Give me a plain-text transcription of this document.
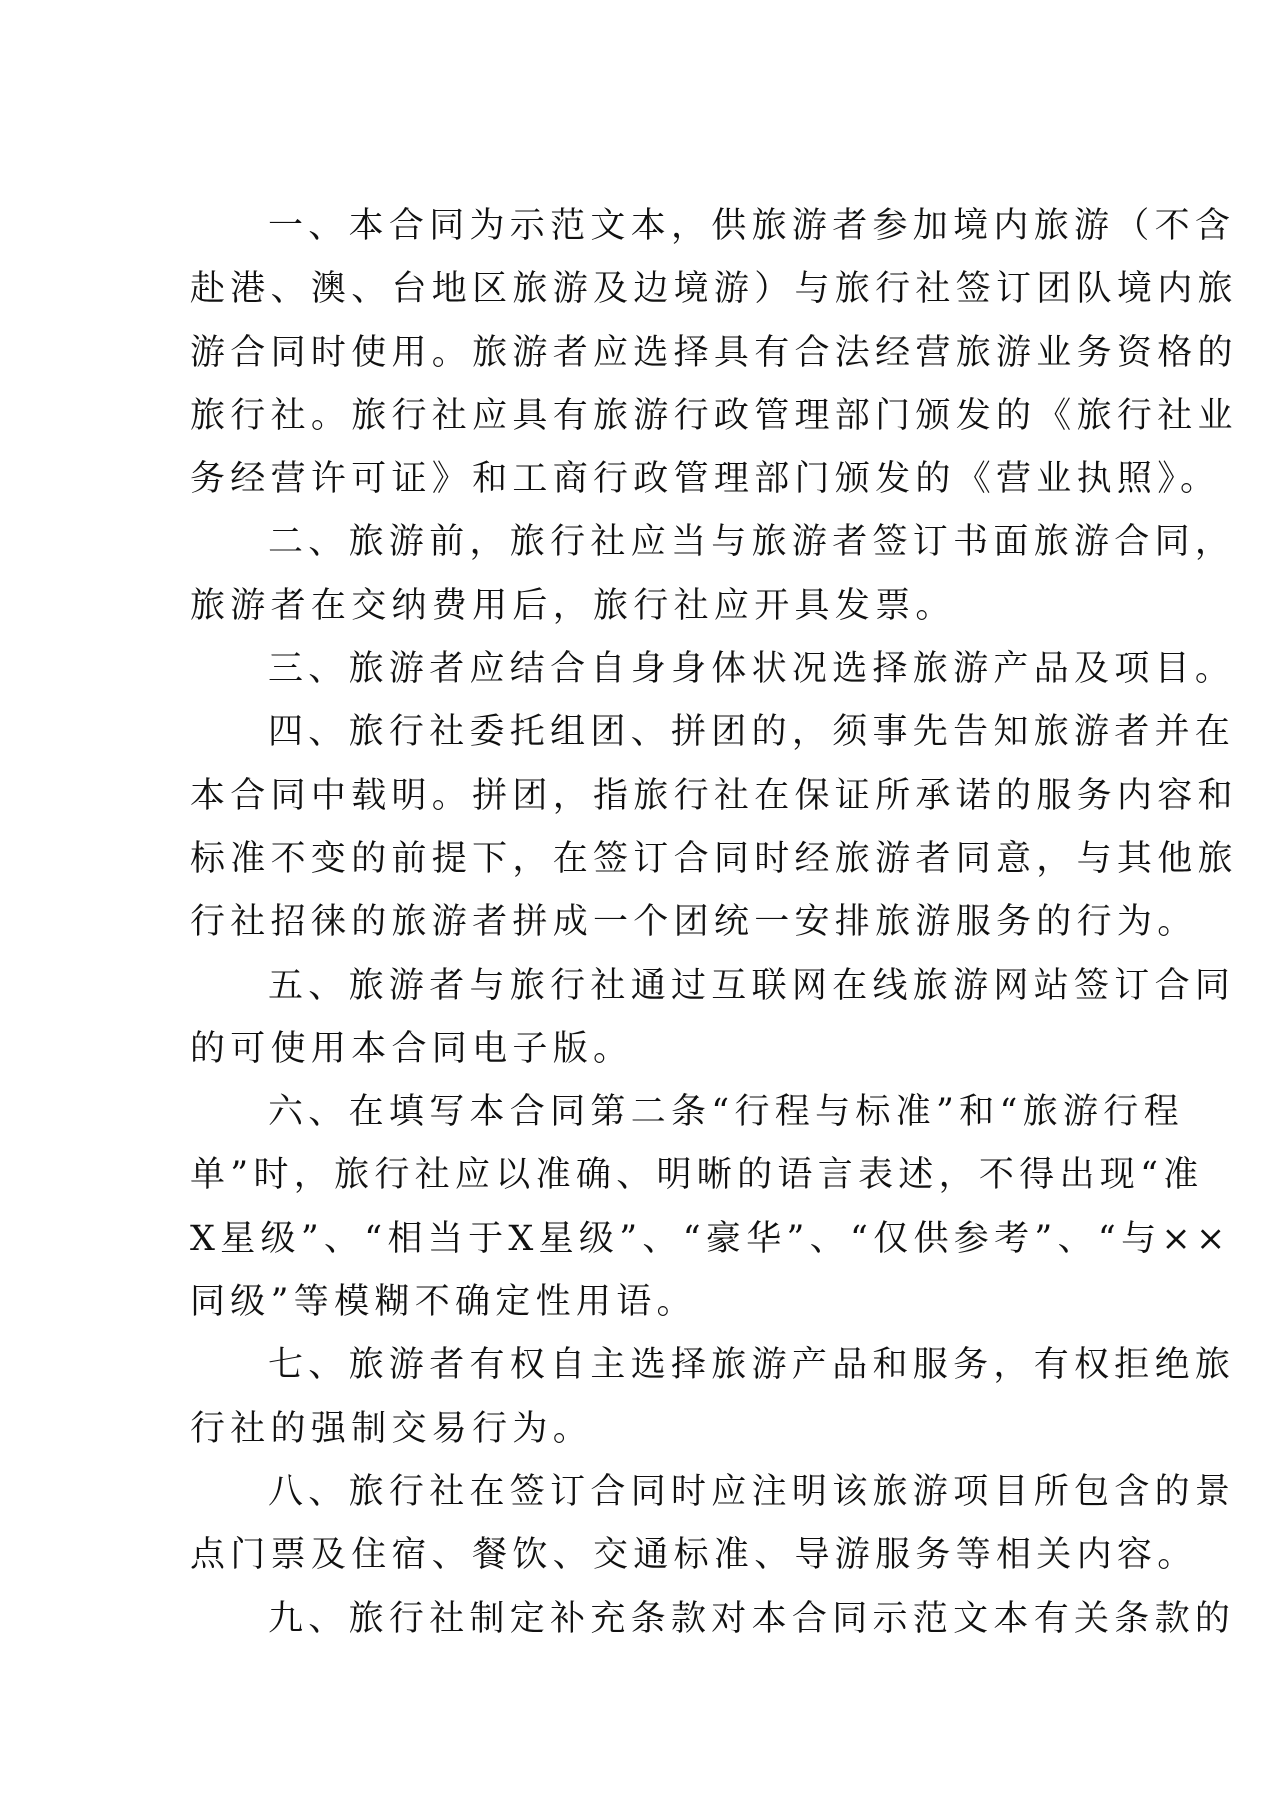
一、本合同为示范文本，供旅游者参加境内旅游（不含
赴港、澳、台地区旅游及边境游）与旅行社签订团队境内旅
游合同时使用。旅游者应选择具有合法经营旅游业务资格的
旅行社。旅行社应具有旅游行政管理部门颁发的《旅行社业
务经营许可证》和工商行政管理部门颁发的《营业执照》。
二、旅游前，旅行社应当与旅游者签订书面旅游合同，
旅游者在交纳费用后，旅行社应开具发票。
三、旅游者应结合自身身体状况选择旅游产品及项目。
四、旅行社委托组团、拼团的，须事先告知旅游者并在
本合同中载明。拼团，指旅行社在保证所承诺的服务内容和
标准不变的前提下，在签订合同时经旅游者同意，与其他旅
行社招徕的旅游者拼成一个团统一安排旅游服务的行为。
五、旅游者与旅行社通过互联网在线旅游网站签订合同
的可使用本合同电子版。
六、在填写本合同第二条“行程与标准”和“旅游行程
单”时，旅行社应以准确、明晰的语言表述，不得出现“准
X星级”、“相当于X星级”、“豪华”、“仅供参考”、“与××
同级”等模糊不确定性用语。
七、旅游者有权自主选择旅游产品和服务，有权拒绝旅
行社的强制交易行为。
八、旅行社在签订合同时应注明该旅游项目所包含的景
点门票及住宿、餐饮、交通标准、导游服务等相关内容。
九、旅行社制定补充条款对本合同示范文本有关条款的
